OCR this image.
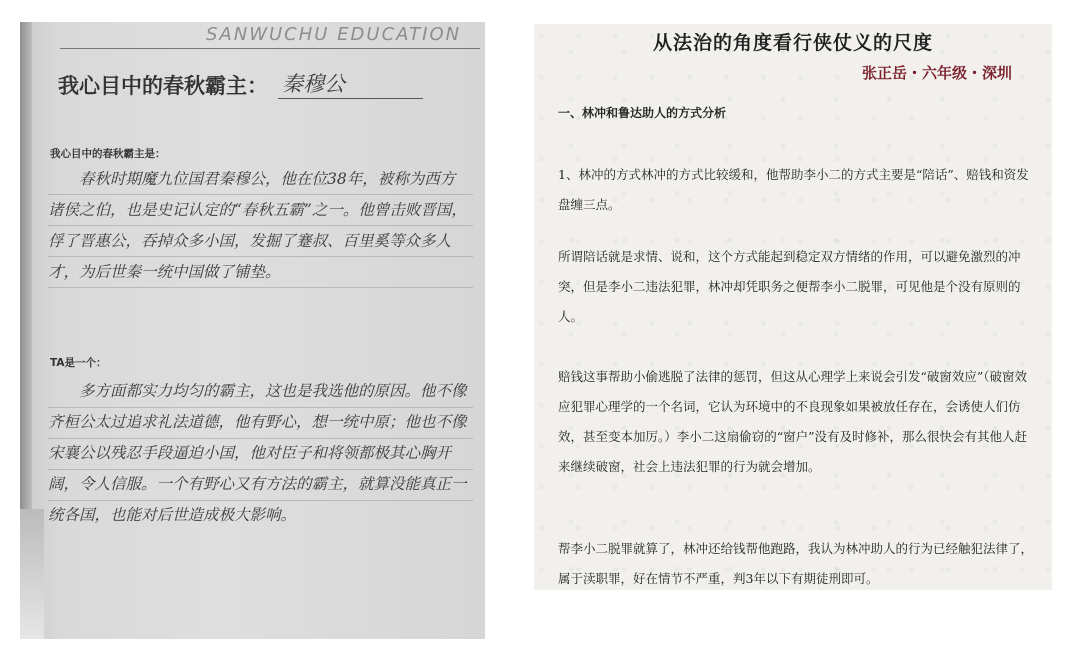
SANWUCHU EDUCATION
我心目中的春秋霸主： 秦穆公
我心目中的春秋霸主是：
春秋时期魔九位国君秦穆公，他在位38年，被称为西方诸侯之伯，也是史记认定的“春秋五霸”之一。他曾击败晋国，俘了晋惠公，吞掉众多小国，发掘了蹇叔、百里奚等众多人才，为后世秦一统中国做了铺垫。
TA是一个：
多方面都实力均匀的霸主，这也是我选他的原因。他不像齐桓公太过追求礼法道德，他有野心，想一统中原；他也不像宋襄公以残忍手段逼迫小国，他对臣子和将领都极其心胸开阔，令人信服。一个有野心又有方法的霸主，就算没能真正一统各国，也能对后世造成极大影响。
从法治的角度看行侠仗义的尺度
张正岳・六年级・深圳
一、林冲和鲁达助人的方式分析
1、林冲的方式林冲的方式比较缓和，他帮助李小二的方式主要是“陪话”、赔钱和资发盘缠三点。
所谓陪话就是求情、说和，这个方式能起到稳定双方情绪的作用，可以避免激烈的冲突，但是李小二违法犯罪，林冲却凭职务之便帮李小二脱罪，可见他是个没有原则的人。
赔钱这事帮助小偷逃脱了法律的惩罚，但这从心理学上来说会引发“破窗效应”（破窗效应犯罪心理学的一个名词，它认为环境中的不良现象如果被放任存在，会诱使人们仿效，甚至变本加厉。）李小二这扇偷窃的“窗户”没有及时修补，那么很快会有其他人赶来继续破窗，社会上违法犯罪的行为就会增加。
帮李小二脱罪就算了，林冲还给钱帮他跑路，我认为林冲助人的行为已经触犯法律了，属于渎职罪，好在情节不严重，判3年以下有期徒刑即可。
